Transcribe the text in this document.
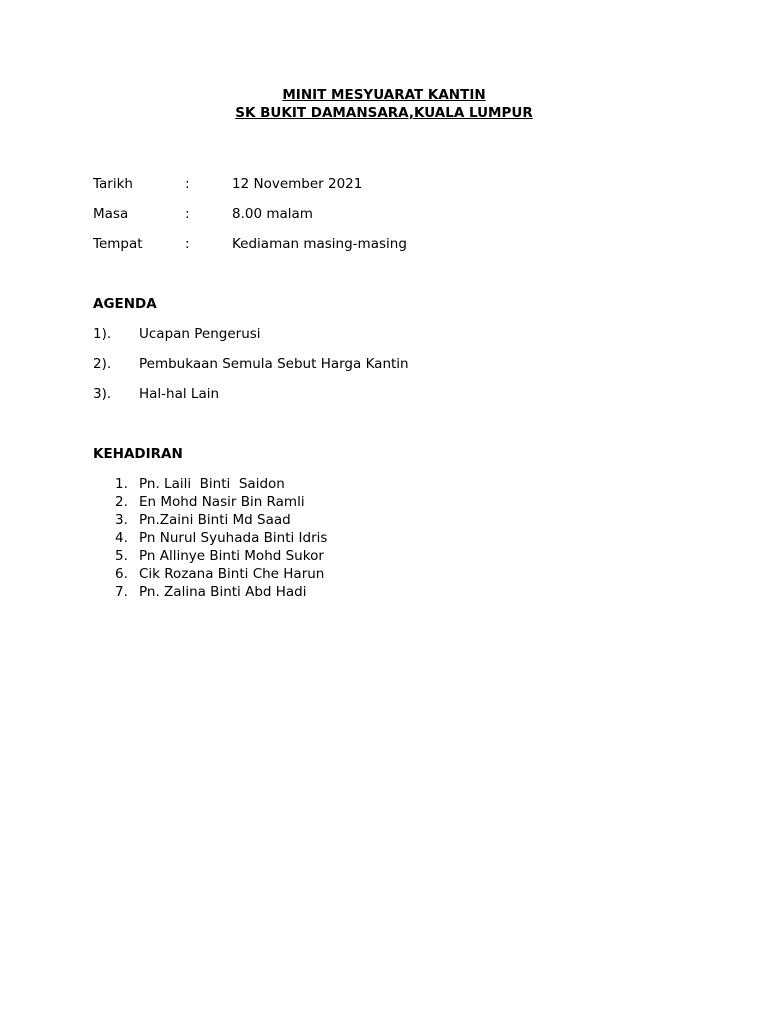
MINIT MESYUARAT KANTIN
SK BUKIT DAMANSARA,KUALA LUMPUR
Tarikh	:	12 November 2021
Masa	:	8.00 malam
Tempat	:	Kediaman masing-masing
AGENDA
1). Ucapan Pengerusi
2). Pembukaan Semula Sebut Harga Kantin
3). Hal-hal Lain
KEHADIRAN
1. Pn. Laili  Binti  Saidon
2. En Mohd Nasir Bin Ramli
3. Pn.Zaini Binti Md Saad
4. Pn Nurul Syuhada Binti Idris
5. Pn Allinye Binti Mohd Sukor
6. Cik Rozana Binti Che Harun
7. Pn. Zalina Binti Abd Hadi
